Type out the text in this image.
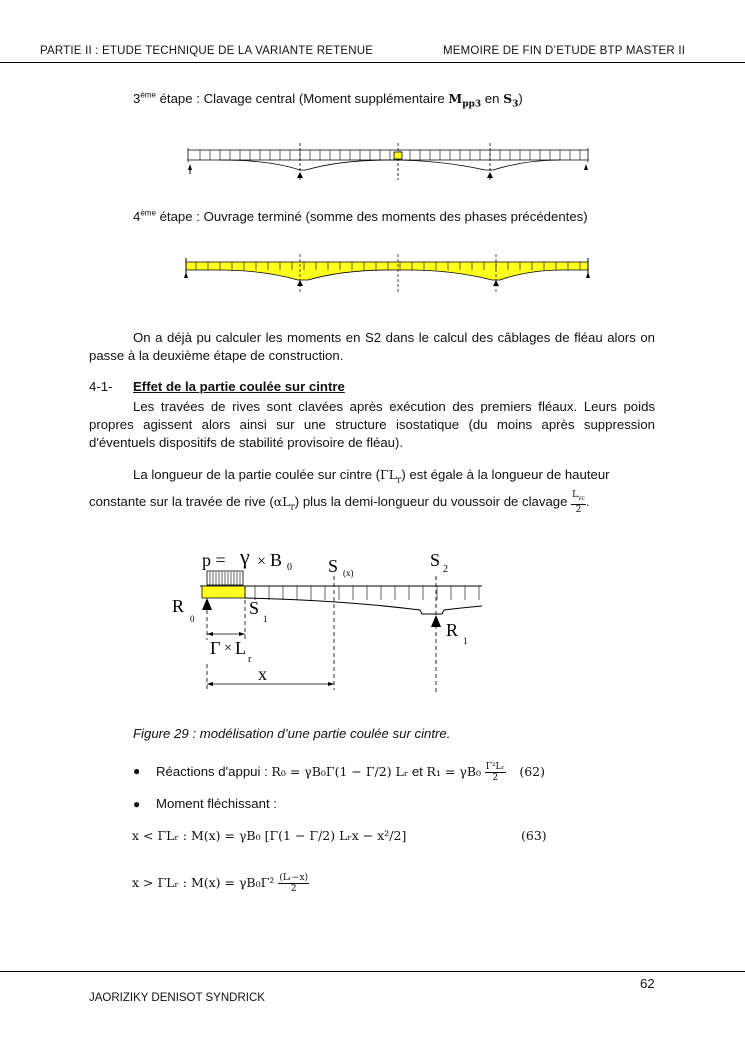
PARTIE II : ETUDE TECHNIQUE DE LA VARIANTE RETENUE	MEMOIRE DE FIN D’ETUDE BTP MASTER II
3ème étape : Clavage central (Moment supplémentaire $M_{pp3}$ en $S_3$)
4ème étape : Ouvrage terminé (somme des moments des phases précédentes)
On a déjà pu calculer les moments en S2 dans le calcul des câblages de fléau alors on passe à la deuxième étape de construction.
4-1- Effet de la partie coulée sur cintre
Les travées de rives sont clavées après exécution des premiers fléaux. Leurs poids propres agissent alors ainsi sur une structure isostatique (du moins après suppression d'éventuels dispositifs de stabilité provisoire de fléau).
La longueur de la partie coulée sur cintre $(\Gamma L_r)$ est égale à la longueur de hauteur
constante sur la travée de rive $(\alpha L_r)$ plus la demi-longueur du voussoir de clavage $\frac{L_{vc}}{2}$ .
p = γ × B 0 S (x)
S 2
R
0
S
1
R
1
Γ × L
r
x
Figure 29 : modélisation d’une partie coulée sur cintre.
● Réactions d'appui : R₀ = γB₀Γ(1 − Γ/2) Lᵣ et $R_1 = \gamma B_0 \frac{\text{Γ²Lᵣ}}{2} (62)$
● Moment fléchissant :
x < ΓLᵣ : M(x) = γB₀ [Γ(1 − Γ/2) Lᵣx − x²/2]	(63)
x > ΓLᵣ : $M(x) = \gamma B_0\Gamma^2 \frac{\text{(Lᵣ−x)}}{2}$
62
JAORIZIKY DENISOT SYNDRICK
